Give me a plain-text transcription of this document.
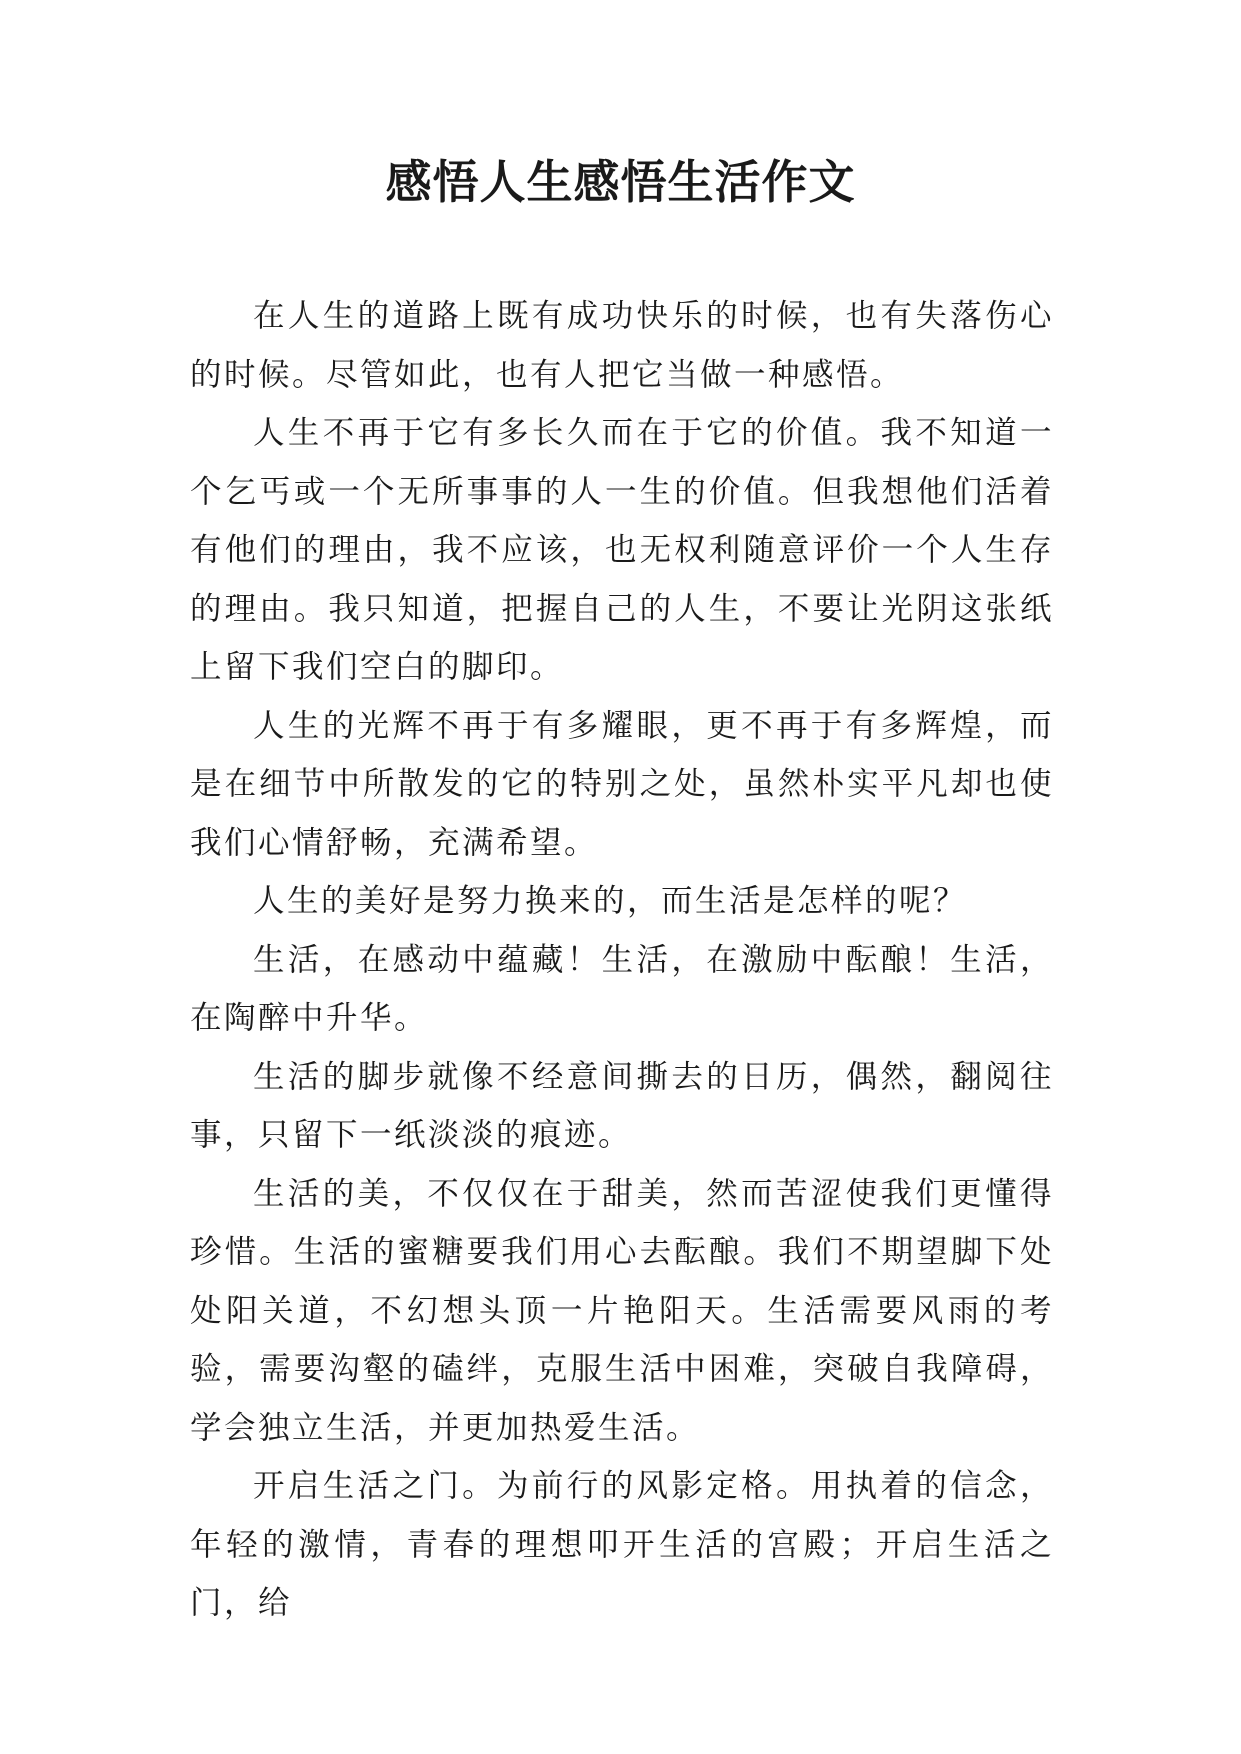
感悟人生感悟生活作文

在人生的道路上既有成功快乐的时候，也有失落伤心的时候。尽管如此，也有人把它当做一种感悟。

人生不再于它有多长久而在于它的价值。我不知道一个乞丐或一个无所事事的人一生的价值。但我想他们活着有他们的理由，我不应该，也无权利随意评价一个人生存的理由。我只知道，把握自己的人生，不要让光阴这张纸上留下我们空白的脚印。

人生的光辉不再于有多耀眼，更不再于有多辉煌，而是在细节中所散发的它的特别之处，虽然朴实平凡却也使我们心情舒畅，充满希望。

人生的美好是努力换来的，而生活是怎样的呢？

生活，在感动中蕴藏！生活，在激励中酝酿！生活，在陶醉中升华。

生活的脚步就像不经意间撕去的日历，偶然，翻阅往事，只留下一纸淡淡的痕迹。

生活的美，不仅仅在于甜美，然而苦涩使我们更懂得珍惜。生活的蜜糖要我们用心去酝酿。我们不期望脚下处处阳关道，不幻想头顶一片艳阳天。生活需要风雨的考验，需要沟壑的磕绊，克服生活中困难，突破自我障碍，学会独立生活，并更加热爱生活。

开启生活之门。为前行的风影定格。用执着的信念，年轻的激情，青春的理想叩开生活的宫殿；开启生活之门，给
